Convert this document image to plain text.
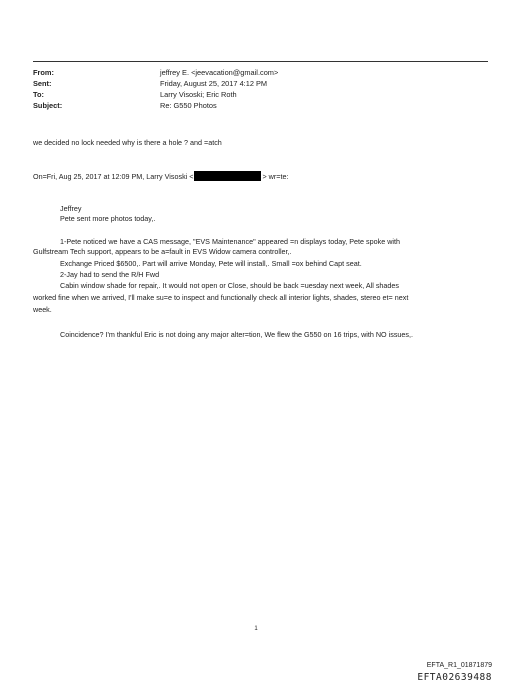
From:	jeffrey E. <jeevacation@gmail.com>
Sent:	Friday, August 25, 2017 4:12 PM
To:	Larry Visoski; Eric Roth
Subject:	Re: G550 Photos
we decided no lock needed why is there a hole ? and =atch
On=Fri, Aug 25, 2017 at 12:09 PM, Larry Visoski <	> wr=te:
Jeffrey
Pete sent more photos today,.
1-Pete noticed we have a CAS message, "EVS Maintenance" appeared =n displays today, Pete spoke with
Gulfstream Tech support, appears to be a=fault in EVS Widow camera controller,.
Exchange Priced $6500,. Part will arrive Monday, Pete will install,. Small =ox behind Capt seat.
2-Jay had to send the R/H Fwd
Cabin window shade for repair,. It would not open or Close, should be back =uesday next week, All shades
worked fine when we arrived, I'll make su=e to inspect and functionally check all interior lights, shades, stereo et= next
week.
Coincidence? I'm thankful Eric is not doing any major alter=tion, We flew the G550 on 16 trips, with NO issues,.
1
EFTA_R1_01871879
EFTA02639488
